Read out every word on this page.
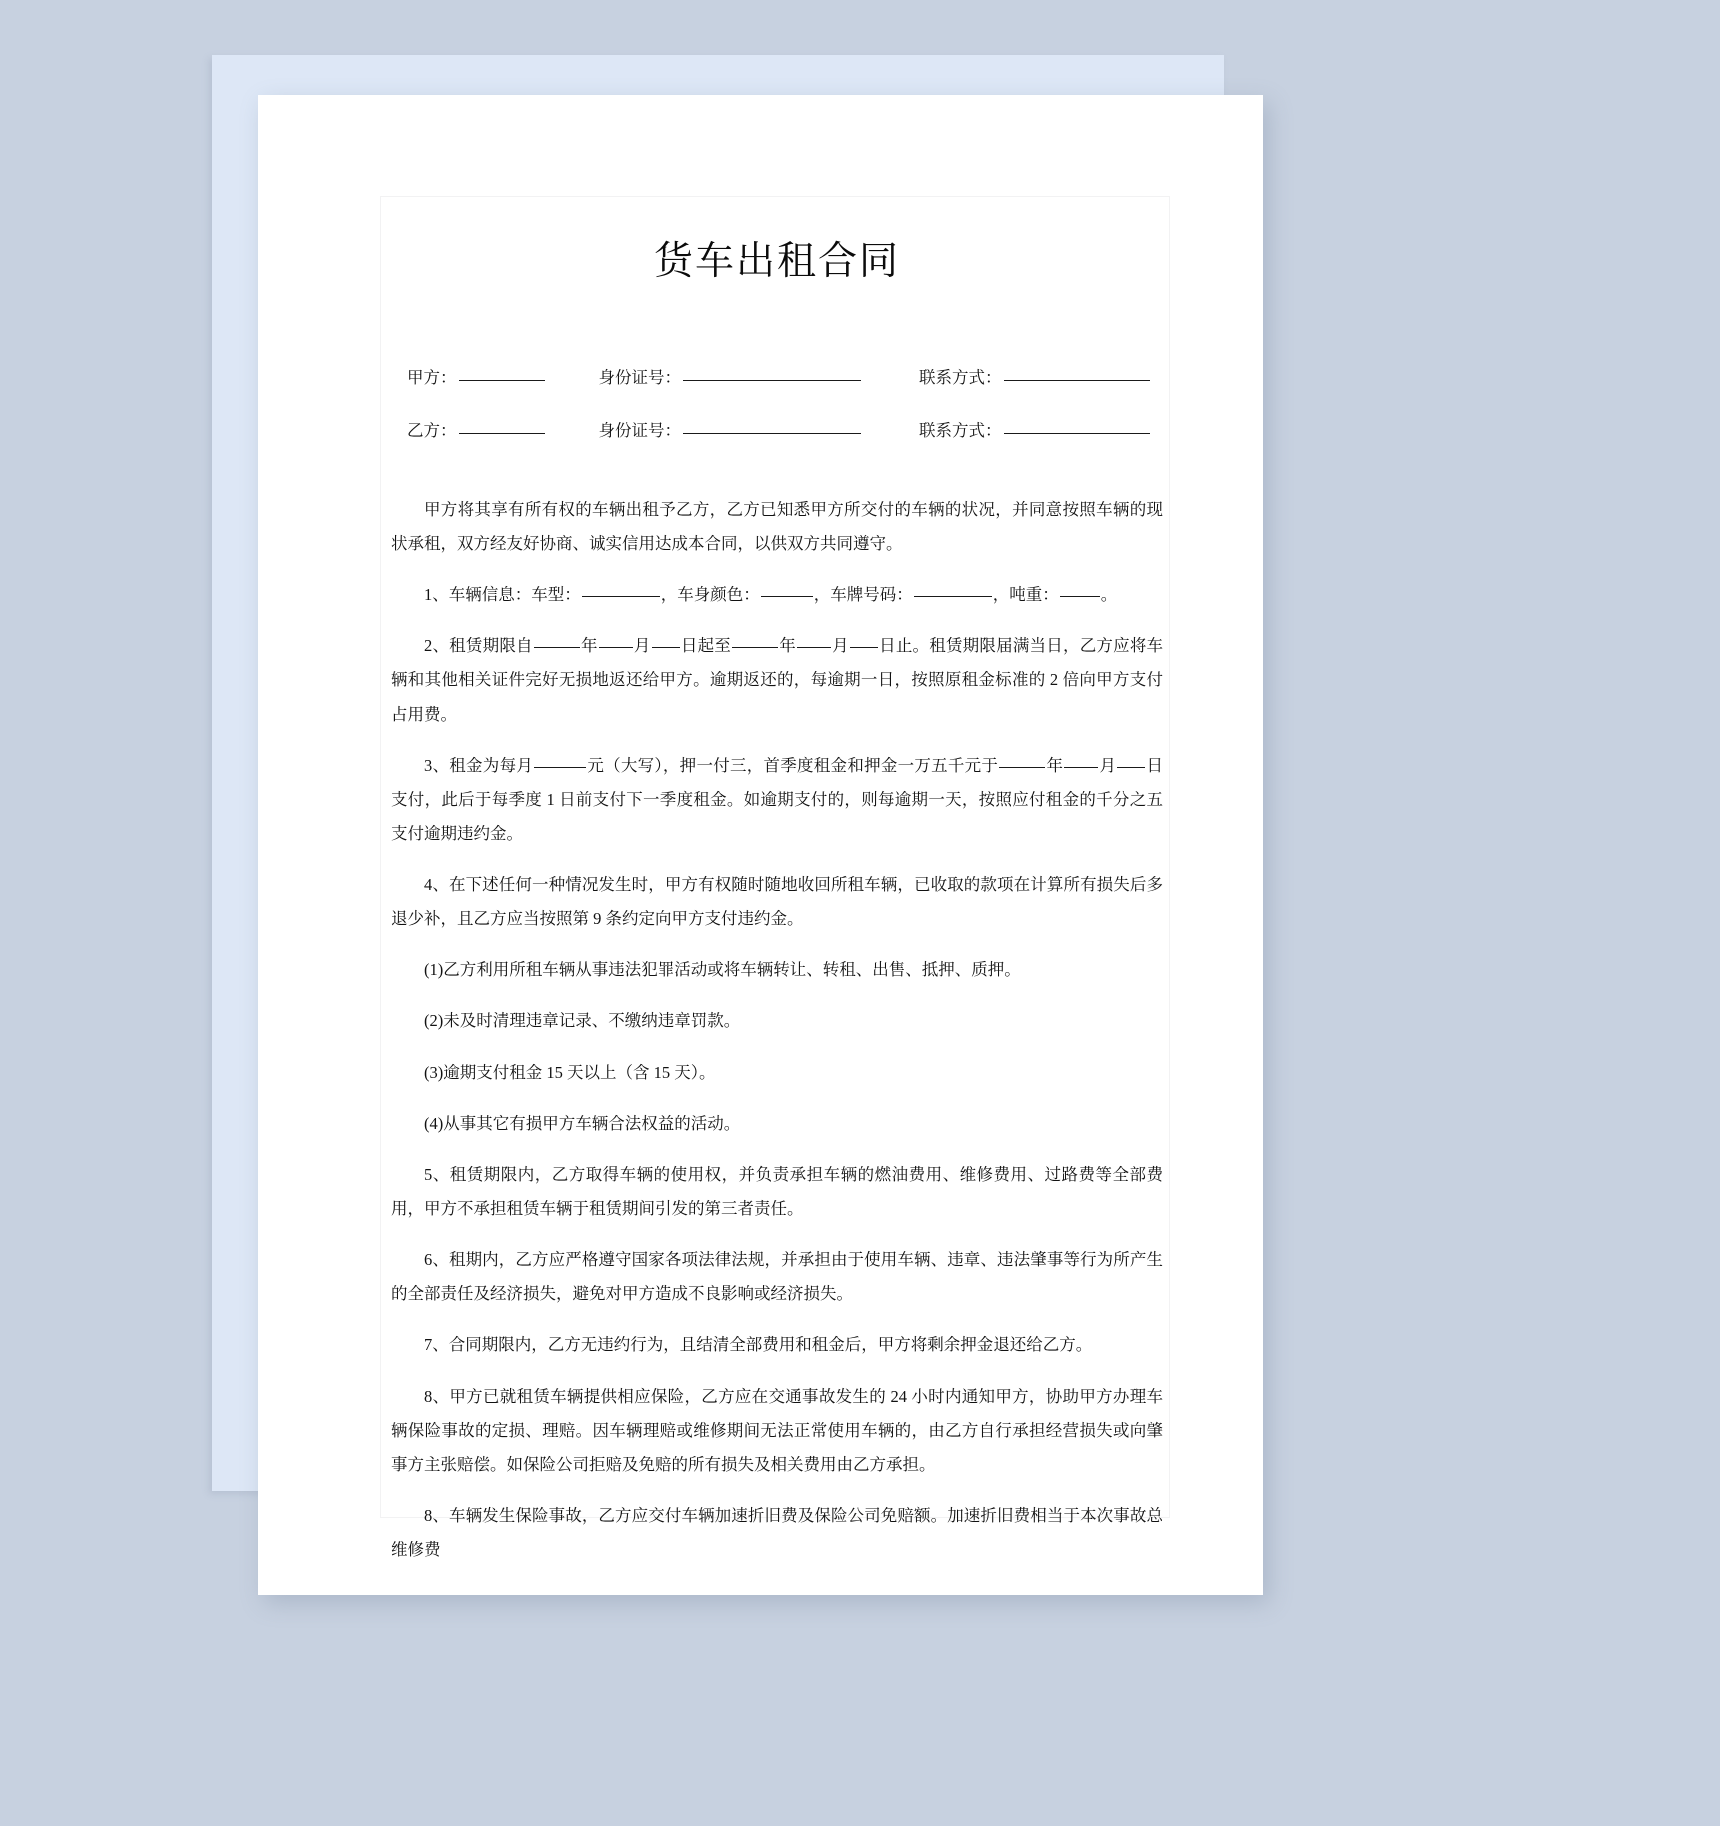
货车出租合同
甲方：	身份证号：	联系方式：
乙方：	身份证号：	联系方式：

甲方将其享有所有权的车辆出租予乙方，乙方已知悉甲方所交付的车辆的状况，并同意按照车辆的现状承租，双方经友好协商、诚实信用达成本合同，以供双方共同遵守。

1、车辆信息：车型：	，车身颜色：	，车牌号码：	，吨重：	。

2、租赁期限自	年 月 日起至	年 月 日止。租赁期限届满当日，乙方应将车辆和其他相关证件完好无损地返还给甲方。逾期返还的，每逾期一日，按照原租金标准的 2 倍向甲方支付占用费。

3、租金为每月	元（大写），押一付三，首季度租金和押金一万五千元于	年 月 日支付，此后于每季度 1 日前支付下一季度租金。如逾期支付的，则每逾期一天，按照应付租金的千分之五支付逾期违约金。

4、在下述任何一种情况发生时，甲方有权随时随地收回所租车辆，已收取的款项在计算所有损失后多退少补，且乙方应当按照第 9 条约定向甲方支付违约金。

(1)乙方利用所租车辆从事违法犯罪活动或将车辆转让、转租、出售、抵押、质押。

(2)未及时清理违章记录、不缴纳违章罚款。

(3)逾期支付租金 15 天以上（含 15 天）。

(4)从事其它有损甲方车辆合法权益的活动。

5、租赁期限内，乙方取得车辆的使用权，并负责承担车辆的燃油费用、维修费用、过路费等全部费用，甲方不承担租赁车辆于租赁期间引发的第三者责任。

6、租期内，乙方应严格遵守国家各项法律法规，并承担由于使用车辆、违章、违法肇事等行为所产生的全部责任及经济损失，避免对甲方造成不良影响或经济损失。

7、合同期限内，乙方无违约行为，且结清全部费用和租金后，甲方将剩余押金退还给乙方。

8、甲方已就租赁车辆提供相应保险，乙方应在交通事故发生的 24 小时内通知甲方，协助甲方办理车辆保险事故的定损、理赔。因车辆理赔或维修期间无法正常使用车辆的，由乙方自行承担经营损失或向肇事方主张赔偿。如保险公司拒赔及免赔的所有损失及相关费用由乙方承担。

8、车辆发生保险事故，乙方应交付车辆加速折旧费及保险公司免赔额。加速折旧费相当于本次事故总维修费
